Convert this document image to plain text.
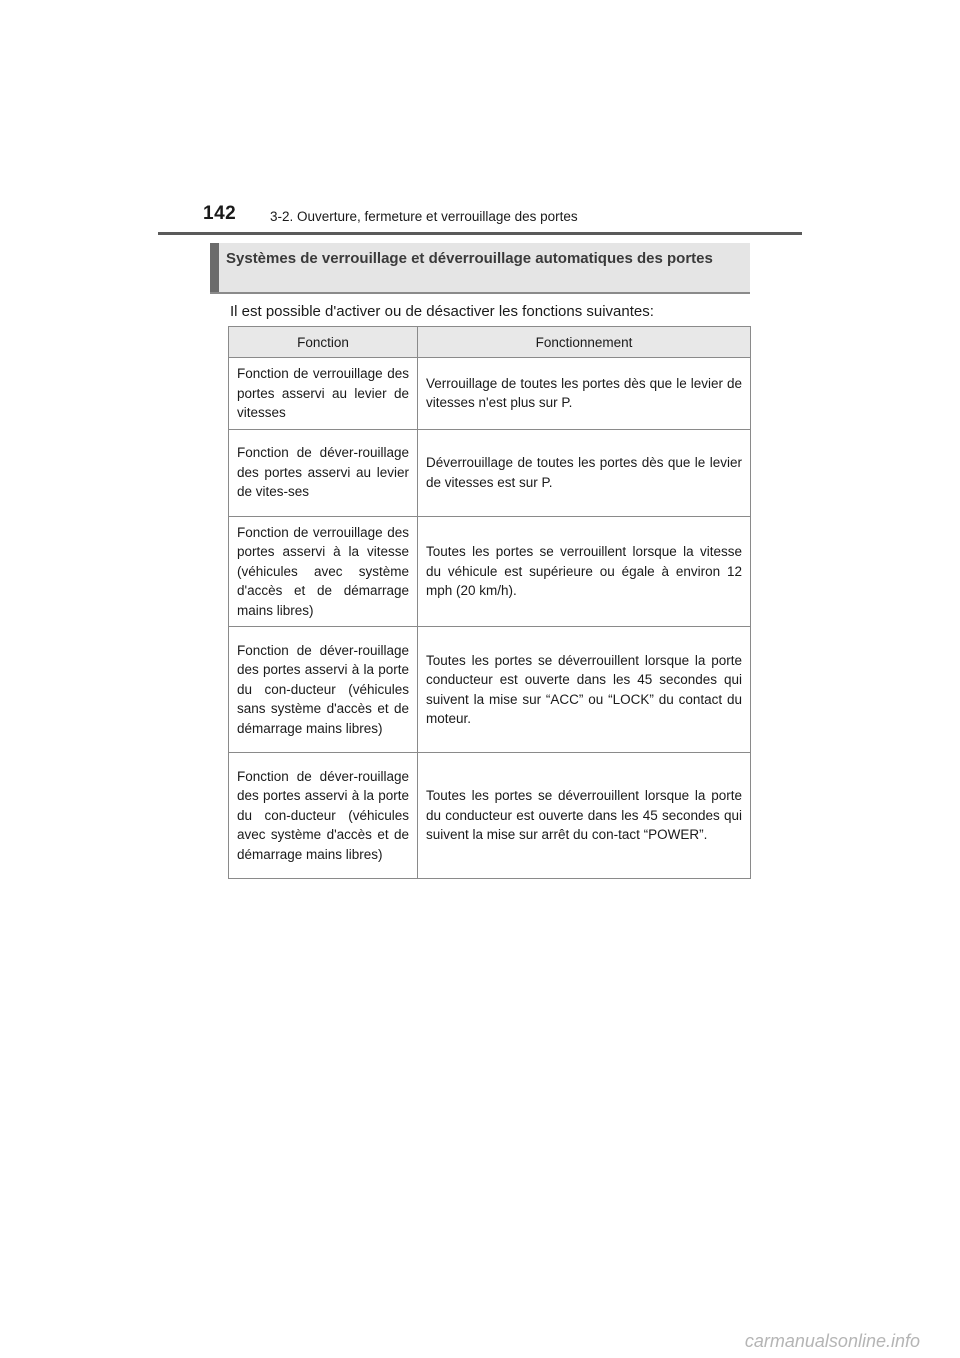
142	3-2. Ouverture, fermeture et verrouillage des portes
Systèmes de verrouillage et déverrouillage automatiques des portes
Il est possible d'activer ou de désactiver les fonctions suivantes:
Fonction	Fonctionnement
Fonction de verrouillage des portes asservi au levier de vitesses	Verrouillage de toutes les portes dès que le levier de vitesses n'est plus sur P.
Fonction de déver-rouillage des portes asservi au levier de vites-ses	Déverrouillage de toutes les portes dès que le levier de vitesses est sur P.
Fonction de verrouillage des portes asservi à la vitesse (véhicules avec système d'accès et de démarrage mains libres)	Toutes les portes se verrouillent lorsque la vitesse du véhicule est supérieure ou égale à environ 12 mph (20 km/h).
Fonction de déver-rouillage des portes asservi à la porte du con-ducteur (véhicules sans système d'accès et de démarrage mains libres)	Toutes les portes se déverrouillent lorsque la porte conducteur est ouverte dans les 45 secondes qui suivent la mise sur “ACC” ou “LOCK” du contact du moteur.
Fonction de déver-rouillage des portes asservi à la porte du con-ducteur (véhicules avec système d'accès et de démarrage mains libres)	Toutes les portes se déverrouillent lorsque la porte du conducteur est ouverte dans les 45 secondes qui suivent la mise sur arrêt du con-tact “POWER”.
carmanualsonline.info
